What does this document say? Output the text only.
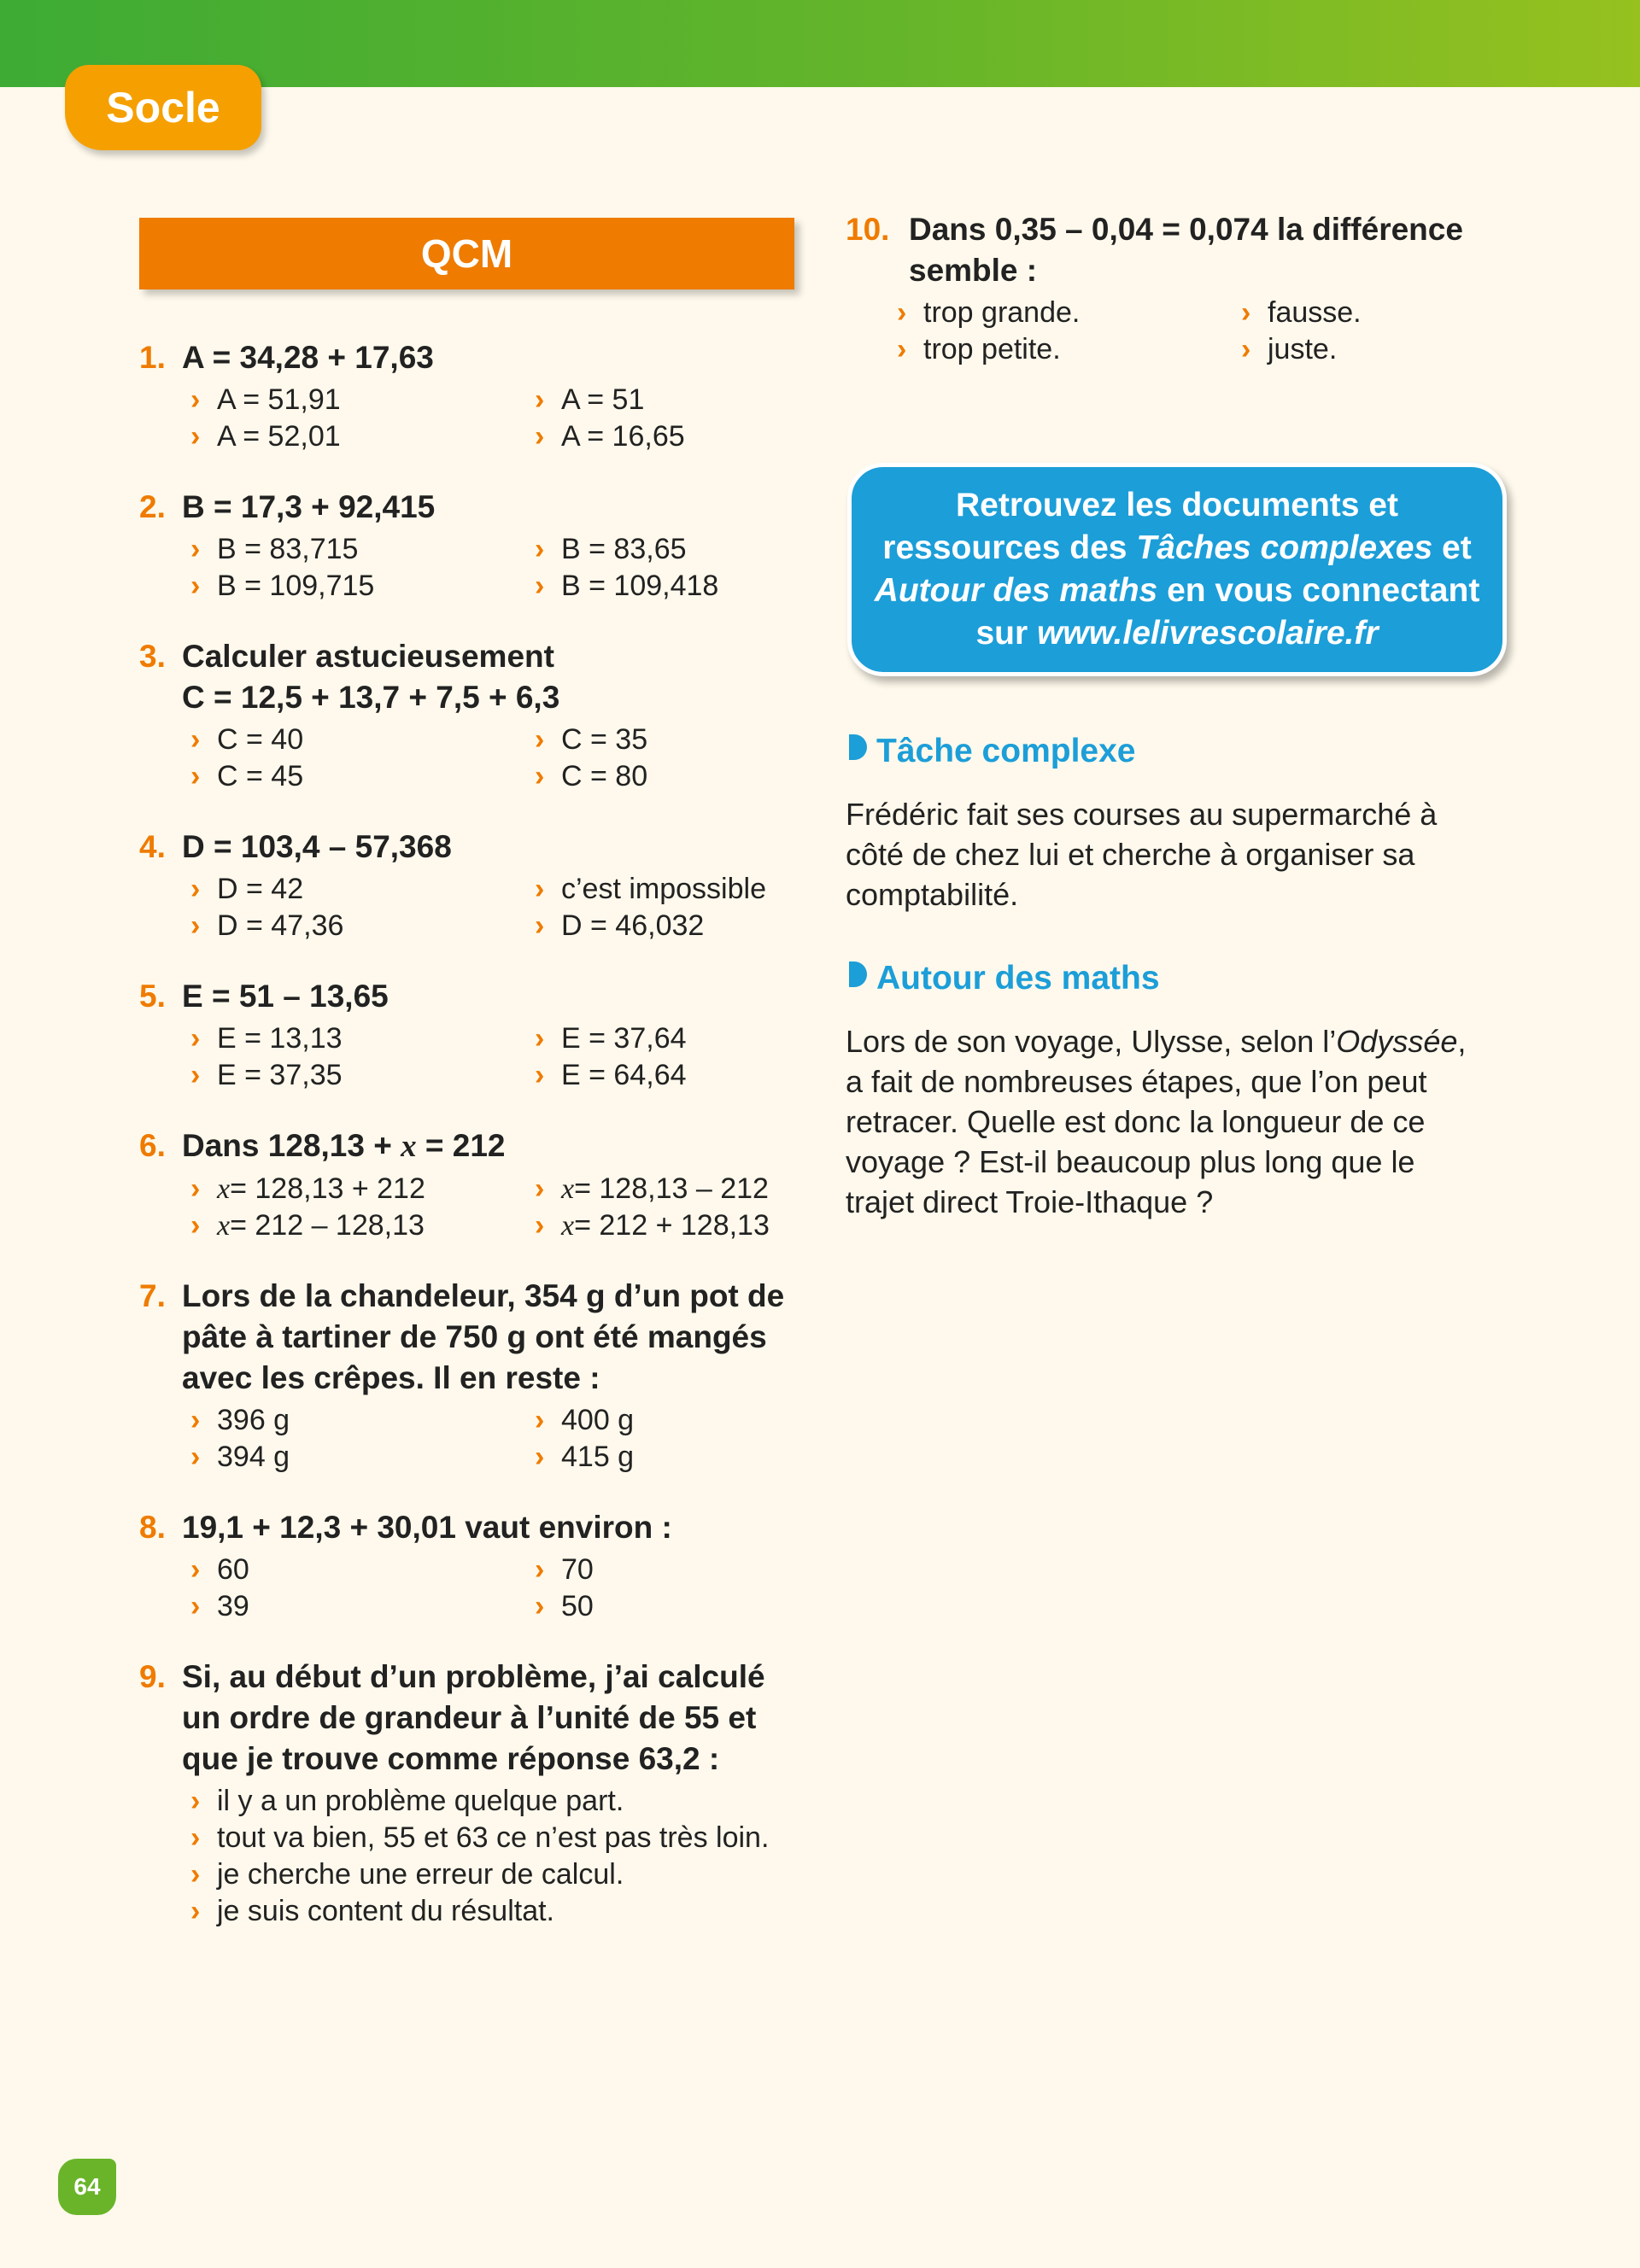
Socle
QCM
1. A = 34,28 + 17,63
› A = 51,91	› A = 51
› A = 52,01	› A = 16,65
2. B = 17,3 + 92,415
› B = 83,715	› B = 83,65
› B = 109,715	› B = 109,418
3. Calculer astucieusement
C = 12,5 + 13,7 + 7,5 + 6,3
› C = 40	› C = 35
› C = 45	› C = 80
4. D = 103,4 – 57,368
› D = 42	› c’est impossible
› D = 47,36	› D = 46,032
5. E = 51 – 13,65
› E = 13,13	› E = 37,64
› E = 37,35	› E = 64,64
6. Dans 128,13 + x = 212
› x = 128,13 + 212	› x = 128,13 – 212
› x = 212 – 128,13	› x = 212 + 128,13
7. Lors de la chandeleur, 354 g d’un pot de
pâte à tartiner de 750 g ont été mangés
avec les crêpes. Il en reste :
› 396 g	› 400 g
› 394 g	› 415 g
8. 19,1 + 12,3 + 30,01 vaut environ :
› 60	› 70
› 39	› 50
9. Si, au début d’un problème, j’ai calculé
un ordre de grandeur à l’unité de 55 et
que je trouve comme réponse 63,2 :
› il y a un problème quelque part.
› tout va bien, 55 et 63 ce n’est pas très loin.
› je cherche une erreur de calcul.
› je suis content du résultat.
10. Dans 0,35 – 0,04 = 0,074 la différence
semble :
› trop grande.	› fausse.
› trop petite.	› juste.
Retrouvez les documents et
ressources des Tâches complexes et
Autour des maths en vous connectant
sur www.lelivrescolaire.fr
Tâche complexe
Frédéric fait ses courses au supermarché à
côté de chez lui et cherche à organiser sa
comptabilité.
Autour des maths
Lors de son voyage, Ulysse, selon l’Odyssée,
a fait de nombreuses étapes, que l’on peut
retracer. Quelle est donc la longueur de ce
voyage ? Est-il beaucoup plus long que le
trajet direct Troie-Ithaque ?
64
